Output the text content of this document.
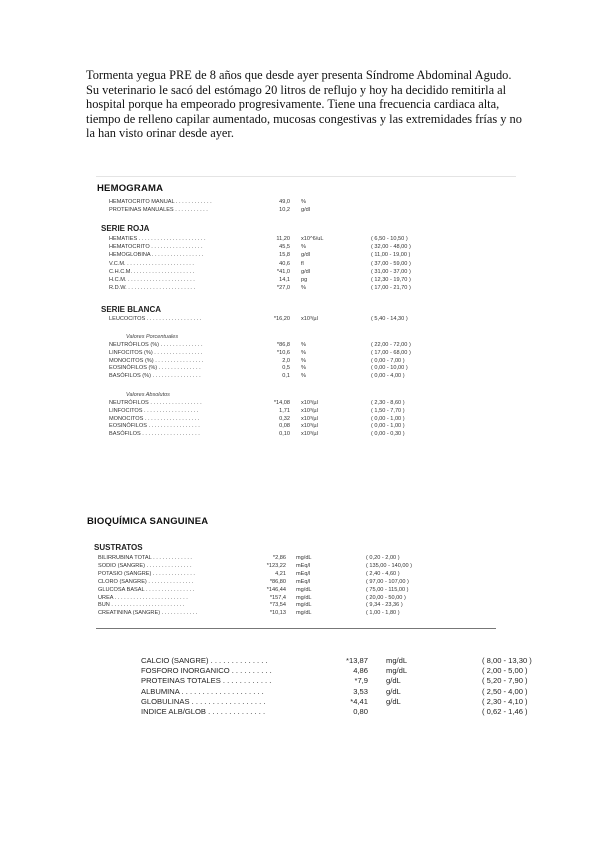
Tormenta yegua PRE de 8 años que desde ayer presenta Síndrome Abdominal Agudo.
Su veterinario le sacó del estómago 20 litros de reflujo y hoy ha decidido remitirla al
hospital porque ha empeorado progresivamente. Tiene una frecuencia cardiaca alta,
tiempo de relleno capilar aumentado, mucosas congestivas y las extremidades frías y no
la han visto orinar desde ayer.
HEMOGRAMA
HEMATOCRITO MANUAL . . . . . . . . . . . .	49,0 %
PROTEINAS MANUALES . . . . . . . . . . .	10,2 g/dl
SERIE ROJA
HEMATIES . . . . . . . . . . . . . . . . . . . . . .	11,20 x10^6/uL	( 6,50 - 10,50 )
HEMATOCRITO . . . . . . . . . . . . . . . . .	45,5 %	( 32,00 - 48,00 )
HEMOGLOBINA . . . . . . . . . . . . . . . . .	15,8 g/dl	( 11,00 - 19,00 )
V.C.M. . . . . . . . . . . . . . . . . . . . . . .	40,6 fl	( 37,00 - 59,00 )
C.H.C.M. . . . . . . . . . . . . . . . . . . . .	*41,0 g/dl	( 31,00 - 37,00 )
H.C.M. . . . . . . . . . . . . . . . . . . . . . .	14,1 pg	( 12,30 - 19,70 )
R.D.W. . . . . . . . . . . . . . . . . . . . . . .	*27,0 %	( 17,00 - 21,70 )
SERIE BLANCA
LEUCOCITOS . . . . . . . . . . . . . . . . . .	*16,20 x10³/µl	( 5,40 - 14,30 )
Valores Porcentuales
NEUTRÓFILOS (%) . . . . . . . . . . . . . .	*86,8 %	( 22,00 - 72,00 )
LINFOCITOS (%) . . . . . . . . . . . . . . . .	*10,6 %	( 17,00 - 68,00 )
MONOCITOS (%) . . . . . . . . . . . . . . . .	2,0 %	( 0,00 - 7,00 )
EOSINÓFILOS (%) . . . . . . . . . . . . . .	0,5 %	( 0,00 - 10,00 )
BASÓFILOS (%) . . . . . . . . . . . . . . . .	0,1 %	( 0,00 - 4,00 )
Valores Absolutos
NEUTRÓFILOS . . . . . . . . . . . . . . . . .	*14,08 x10³/µl	( 2,30 - 8,60 )
LINFOCITOS . . . . . . . . . . . . . . . . . .	1,71 x10³/µl	( 1,50 - 7,70 )
MONOCITOS . . . . . . . . . . . . . . . . . .	0,32 x10³/µl	( 0,00 - 1,00 )
EOSINÓFILOS . . . . . . . . . . . . . . . . .	0,08 x10³/µl	( 0,00 - 1,00 )
BASÓFILOS . . . . . . . . . . . . . . . . . . .	0,10 x10³/µl	( 0,00 - 0,30 )
BIOQUÍMICA SANGUINEA
SUSTRATOS
BILIRRUBINA TOTAL . . . . . . . . . . . . .	*2,86 mg/dL	( 0,20 - 2,00 )
SODIO (SANGRE) . . . . . . . . . . . . . . .	*123,22 mEq/l	( 135,00 - 140,00 )
POTASIO (SANGRE) . . . . . . . . . . . . . .	4,21 mEq/l	( 2,40 - 4,60 )
CLORO (SANGRE) . . . . . . . . . . . . . . .	*86,80 mEq/l	( 97,00 - 107,00 )
GLUCOSA BASAL . . . . . . . . . . . . . . . .	*146,44 mg/dL	( 75,00 - 115,00 )
UREA . . . . . . . . . . . . . . . . . . . . . . . .	*157,4 mg/dL	( 20,00 - 50,00 )
BUN . . . . . . . . . . . . . . . . . . . . . . . .	*73,54 mg/dL	( 9,34 - 23,36 )
CREATININA (SANGRE) . . . . . . . . . . . .	*10,13 mg/dL	( 1,00 - 1,80 )
CALCIO (SANGRE) . . . . . . . . . . . . . .	*13,87 mg/dL	( 8,00 - 13,30 )
FOSFORO INORGANICO . . . . . . . . . .	4,86 mg/dL	( 2,00 - 5,00 )
PROTEINAS TOTALES . . . . . . . . . . . .	*7,9 g/dL	( 5,20 - 7,90 )
ALBUMINA . . . . . . . . . . . . . . . . . . . .	3,53 g/dL	( 2,50 - 4,00 )
GLOBULINAS . . . . . . . . . . . . . . . . . .	*4,41 g/dL	( 2,30 - 4,10 )
INDICE ALB/GLOB . . . . . . . . . . . . . .	0,80	( 0,62 - 1,46 )
